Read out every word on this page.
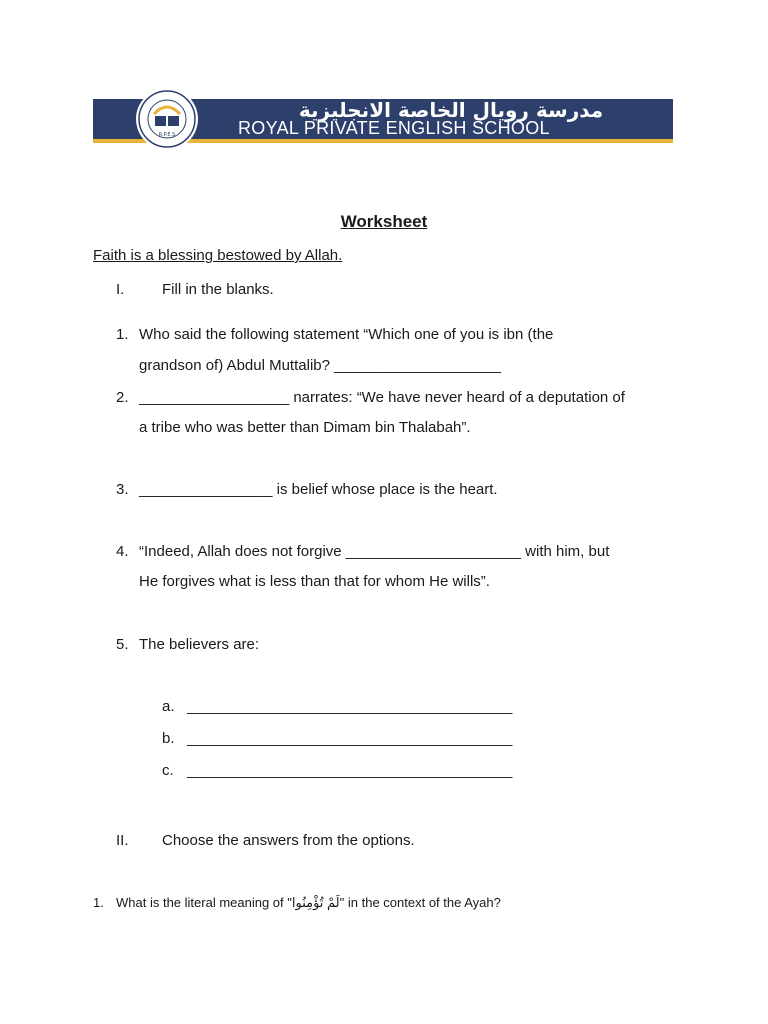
R.P.E.S
مدرسة رويال الخاصة الانجليزية
ROYAL PRIVATE ENGLISH SCHOOL
Worksheet
Faith is a blessing bestowed by Allah.
I.	Fill in the blanks.
1. Who said the following statement “Which one of you is ibn (the
grandson of) Abdul Muttalib? ____________________
2. __________________ narrates: “We have never heard of a deputation of
a tribe who was better than Dimam bin Thalabah”.
3. ________________ is belief whose place is the heart.
4. “Indeed, Allah does not forgive _____________________ with him, but
He forgives what is less than that for whom He wills”.
5. The believers are:
a. _______________________________________
b. _______________________________________
c. _______________________________________
II. Choose the answers from the options.
1. What is the literal meaning of "لَمْ تُؤْمِنُوا" in the context of the Ayah?
